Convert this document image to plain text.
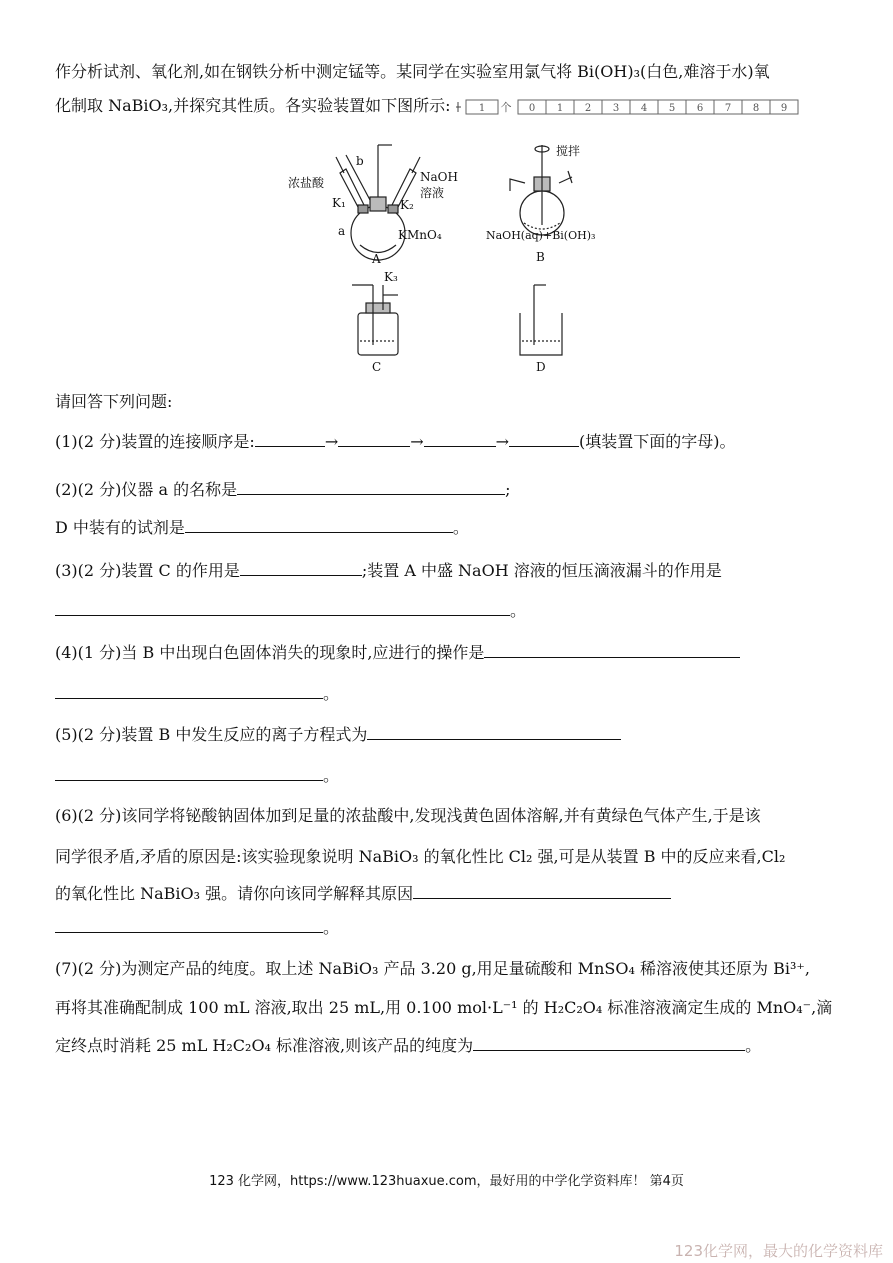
作分析试剂、氧化剂,如在钢铁分析中测定锰等。某同学在实验室用氯气将 Bi(OH)₃(白色,难溶于水)氧
化制取 NaBiO₃,并探究其性质。各实验装置如下图所示:	1 个 0 1 2 3 4 5 6 7 8 9
浓盐酸
b
K₁
a
NaOH
溶液
K₂
KMnO₄
A
搅拌
NaOH(aq)+Bi(OH)₃
B
K₃
C	D
请回答下列问题:
(1)(2 分)装置的连接顺序是:	→	→	→	(填装置下面的字母)。
(2)(2 分)仪器 a 的名称是	;
D 中装有的试剂是	。
(3)(2 分)装置 C 的作用是	;装置 A 中盛 NaOH 溶液的恒压滴液漏斗的作用是
。
(4)(1 分)当 B 中出现白色固体消失的现象时,应进行的操作是
。
(5)(2 分)装置 B 中发生反应的离子方程式为
。
(6)(2 分)该同学将铋酸钠固体加到足量的浓盐酸中,发现浅黄色固体溶解,并有黄绿色气体产生,于是该
同学很矛盾,矛盾的原因是:该实验现象说明 NaBiO₃ 的氧化性比 Cl₂ 强,可是从装置 B 中的反应来看,Cl₂
的氧化性比 NaBiO₃ 强。请你向该同学解释其原因
。
(7)(2 分)为测定产品的纯度。取上述 NaBiO₃ 产品 3.20 g,用足量硫酸和 MnSO₄ 稀溶液使其还原为 Bi³⁺,
再将其准确配制成 100 mL 溶液,取出 25 mL,用 0.100 mol·L⁻¹ 的 H₂C₂O₄ 标准溶液滴定生成的 MnO₄⁻,滴
定终点时消耗 25 mL H₂C₂O₄ 标准溶液,则该产品的纯度为	。
123 化学网，https://www.123huaxue.com，最好用的中学化学资料库！ 第4页
123化学网，最大的化学资料库
